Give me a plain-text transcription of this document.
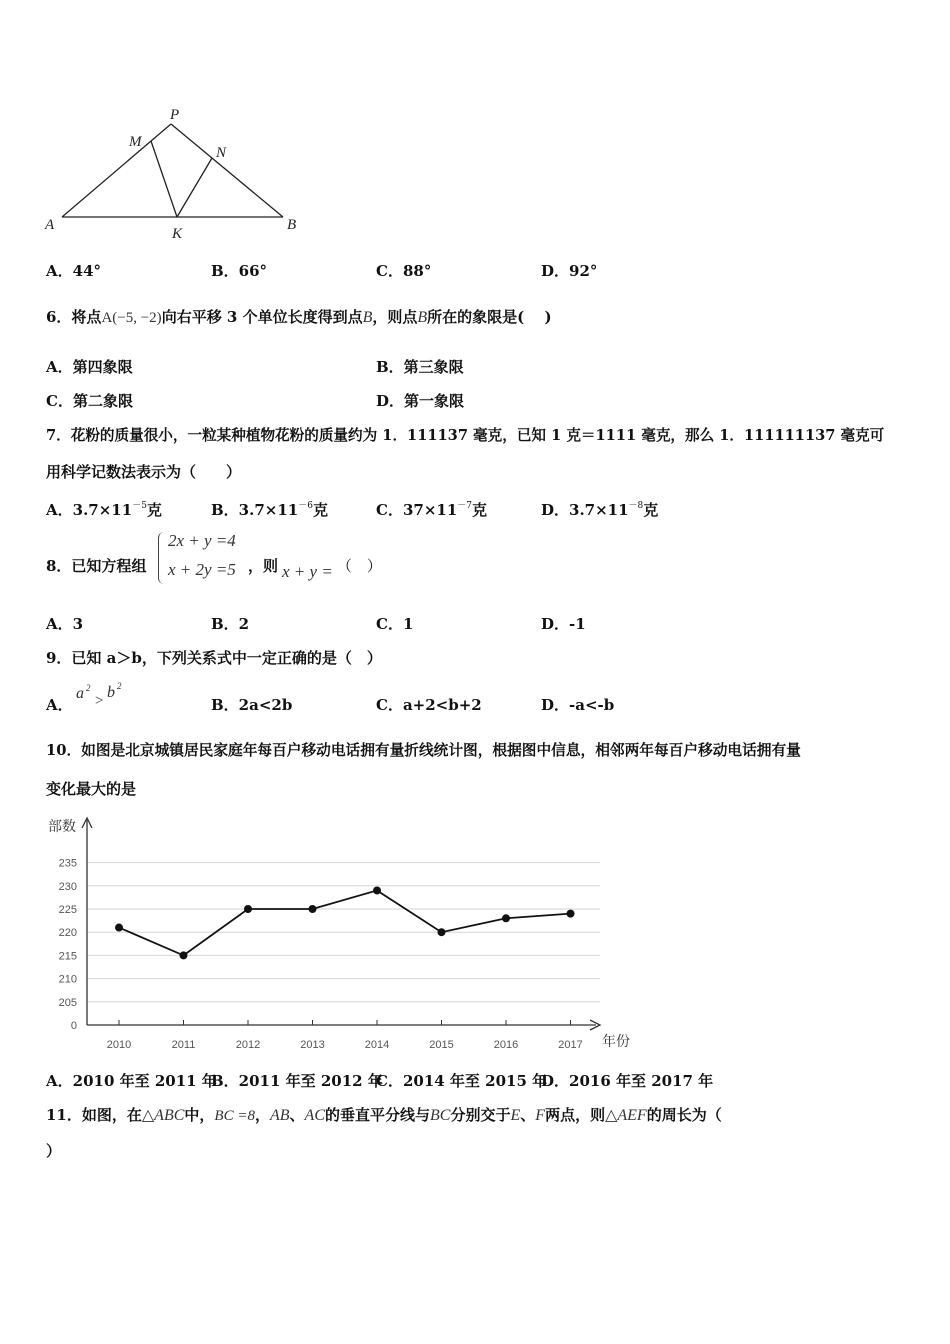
P
M
N
A
K
B
A．44°	B．66°	C．88°	D．92°
6．将点A(−5, −2)向右平移 3 个单位长度得到点B，则点B所在的象限是(　 )
A．第四象限	B．第三象限
C．第二象限	D．第一象限
7．花粉的质量很小，一粒某种植物花粉的质量约为 1．111137 毫克，已知 1 克＝1111 毫克，那么 1．111111137 毫克可
用科学记数法表示为（　　）
A．$3.7\times 11^{-5}$克	B．$3.7\times 11^{-6}$克	C．$37\times 11^{-7}$克	D．$3.7\times 11^{-8}$克
8．已知方程组
2x + y =4
x + 2y =5 ，则 x + y = （　）
A．3	B．2	C．1	D．-1
9．已知 a＞b，下列关系式中一定正确的是（　）
A．
a 2
> b 2
B．2a<2b	C．a+2<b+2	D．-a<-b
10．如图是北京城镇居民家庭年每百户移动电话拥有量折线统计图，根据图中信息，相邻两年每百户移动电话拥有量
变化最大的是
0
205
210
215
220
225
230
235
2010	2011	2012	2013	2014	2015	2016	2017
部数
年份
A．2010 年至 2011 年
B．2011 年至 2012 年
C．2014 年至 2015 年
D．2016 年至 2017 年
11．如图，在△ABC中，BC =8，AB、AC的垂直平分线与BC分别交于E、F两点，则△AEF的周长为（
）
